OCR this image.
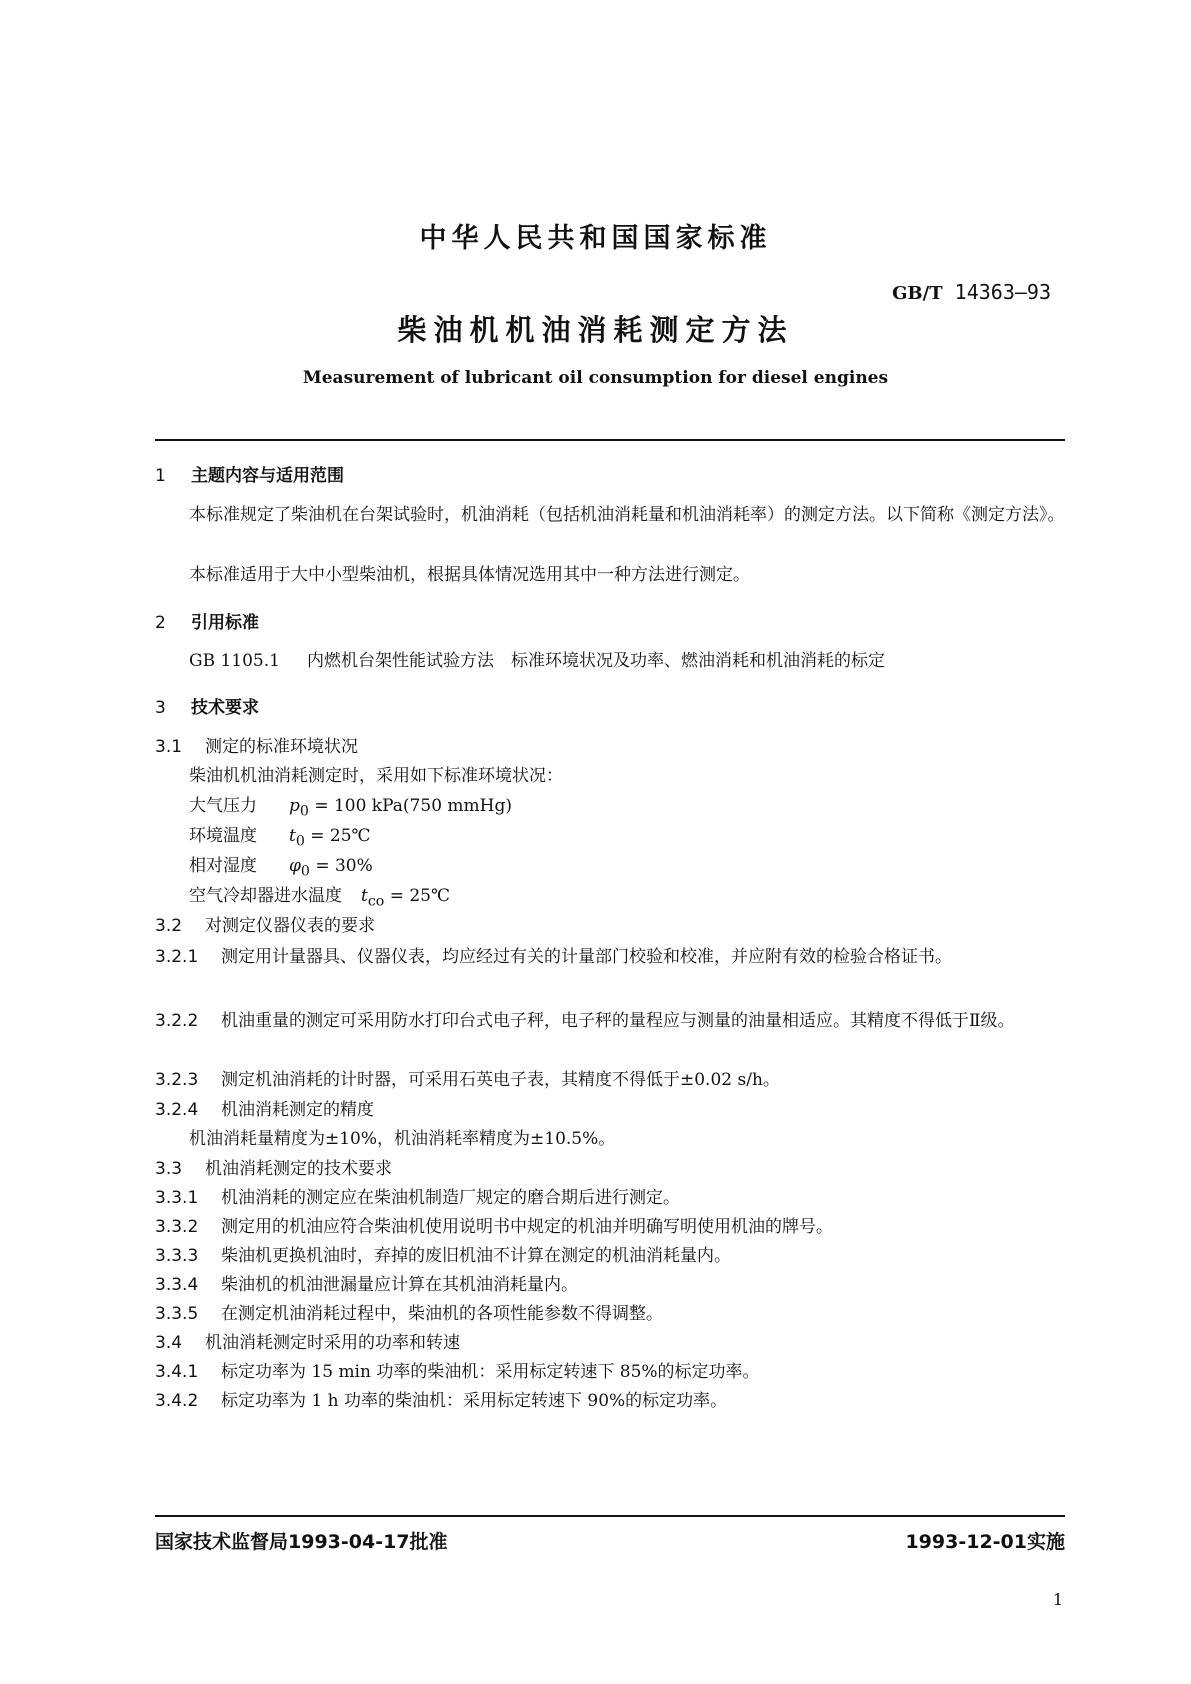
中华人民共和国国家标准
GB/T 14363—93
柴油机机油消耗测定方法
Measurement of lubricant oil consumption for diesel engines
1 主题内容与适用范围
本标准规定了柴油机在台架试验时，机油消耗（包括机油消耗量和机油消耗率）的测定方法。以下简称《测定方法》。
本标准适用于大中小型柴油机，根据具体情况选用其中一种方法进行测定。
2 引用标准
GB 1105.1 内燃机台架性能试验方法　标准环境状况及功率、燃油消耗和机油消耗的标定
3 技术要求
3.1 测定的标准环境状况
柴油机机油消耗测定时，采用如下标准环境状况：
大气压力 $p_0 = 100$ kPa(750 mmHg)
环境温度 $t_0$ = 25℃
相对湿度 $\varphi_0 = 30\%$
空气冷却器进水温度 $t_{co}$ = 25℃
3.2 对测定仪器仪表的要求
3.2.1 测定用计量器具、仪器仪表，均应经过有关的计量部门校验和校准，并应附有效的检验合格证书。
3.2.2 机油重量的测定可采用防水打印台式电子秤，电子秤的量程应与测量的油量相适应。其精度不得低于Ⅱ级。
3.2.3 测定机油消耗的计时器，可采用石英电子表，其精度不得低于±0.02 s/h。
3.2.4 机油消耗测定的精度
机油消耗量精度为±10%，机油消耗率精度为±10.5%。
3.3 机油消耗测定的技术要求
3.3.1 机油消耗的测定应在柴油机制造厂规定的磨合期后进行测定。
3.3.2 测定用的机油应符合柴油机使用说明书中规定的机油并明确写明使用机油的牌号。
3.3.3 柴油机更换机油时，弃掉的废旧机油不计算在测定的机油消耗量内。
3.3.4 柴油机的机油泄漏量应计算在其机油消耗量内。
3.3.5 在测定机油消耗过程中，柴油机的各项性能参数不得调整。
3.4 机油消耗测定时采用的功率和转速
3.4.1 标定功率为 15 min 功率的柴油机：采用标定转速下 85%的标定功率。
3.4.2 标定功率为 1 h 功率的柴油机：采用标定转速下 90%的标定功率。
国家技术监督局1993-04-17批准	1993-12-01实施
1
